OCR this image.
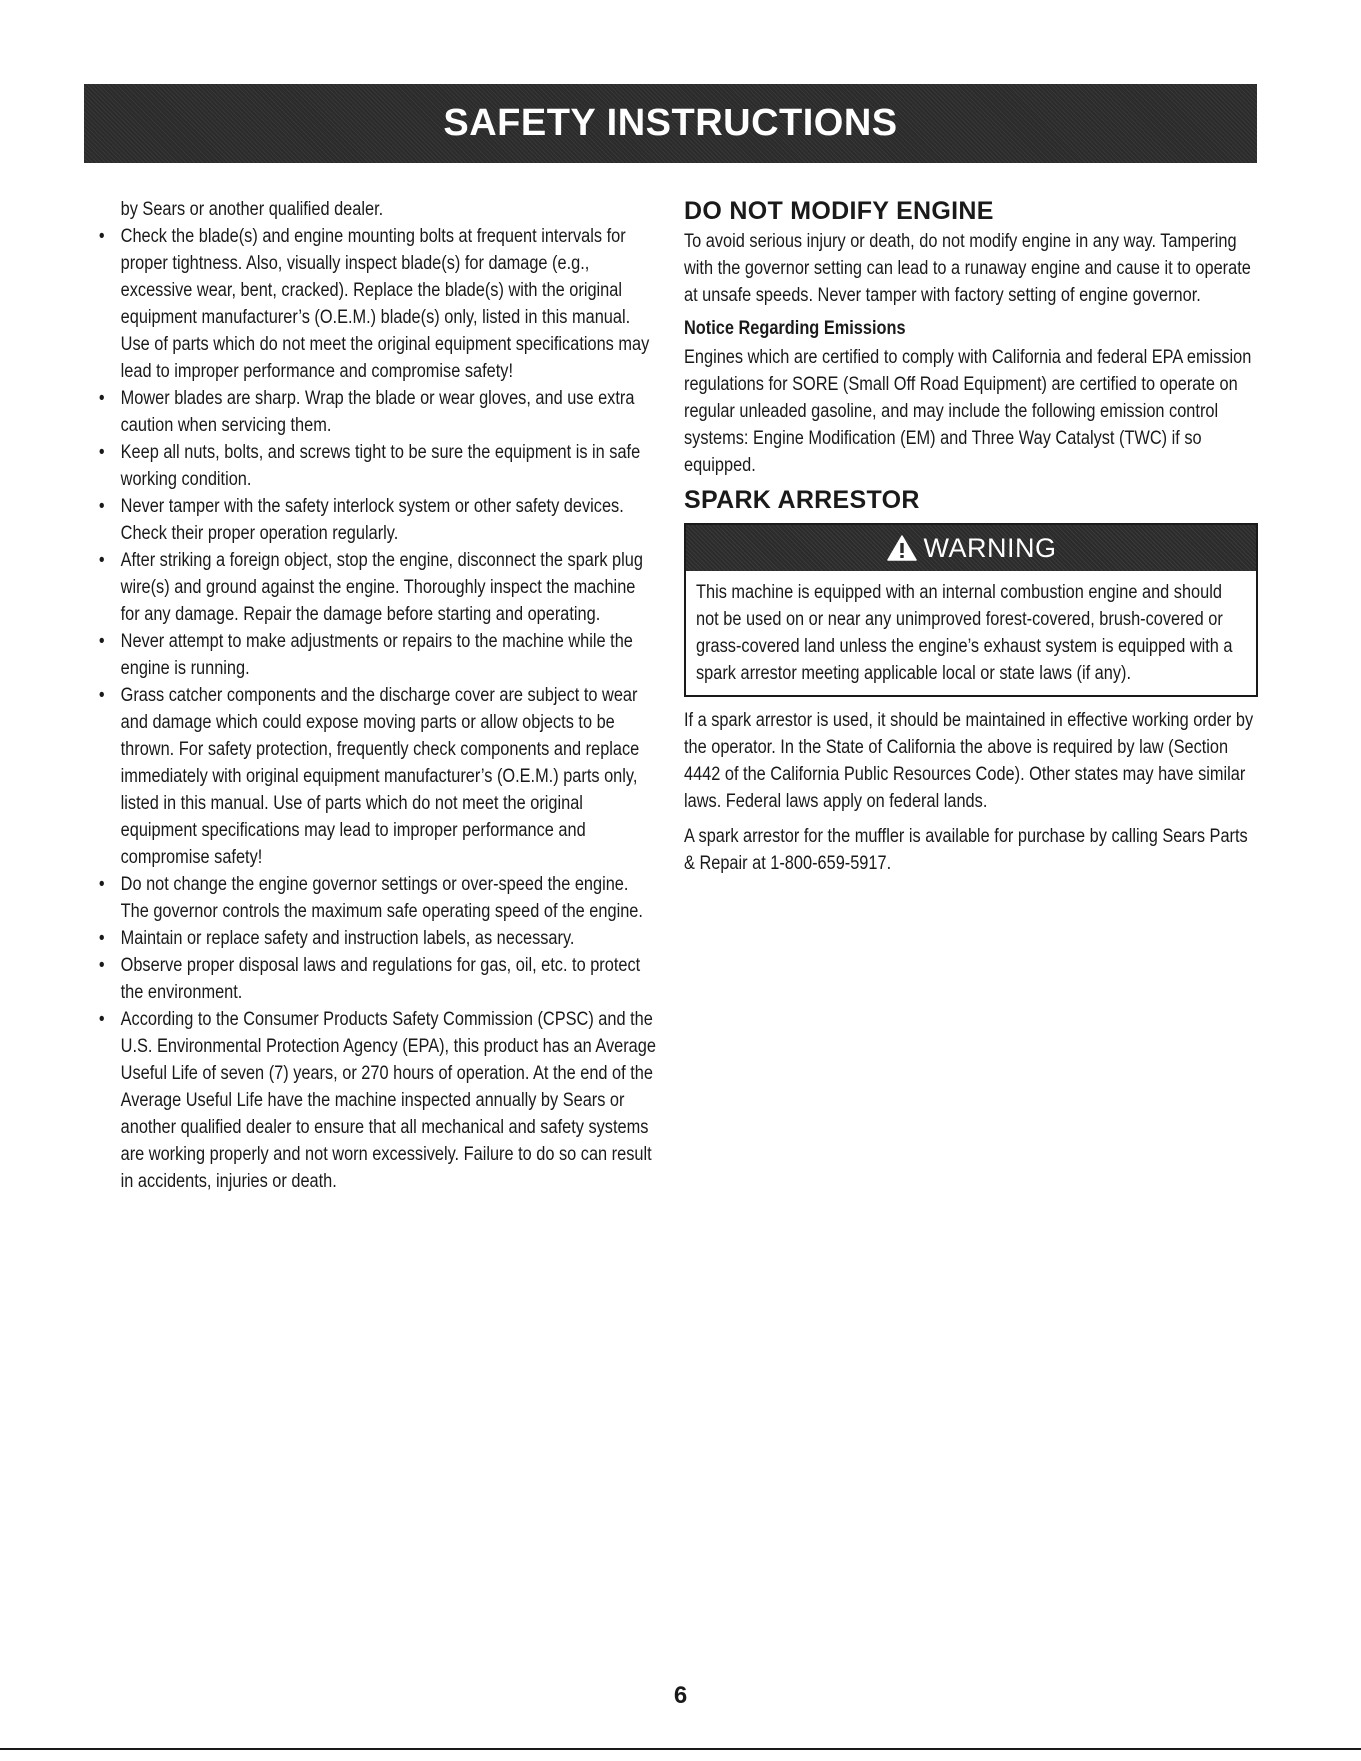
SAFETY INSTRUCTIONS

by Sears or another qualified dealer.

• Check the blade(s) and engine mounting bolts at frequent intervals for proper tightness. Also, visually inspect blade(s) for damage (e.g., excessive wear, bent, cracked). Replace the blade(s) with the original equipment manufacturer’s (O.E.M.) blade(s) only, listed in this manual. Use of parts which do not meet the original equipment specifications may lead to improper performance and compromise safety!
• Mower blades are sharp. Wrap the blade or wear gloves, and use extra caution when servicing them.
• Keep all nuts, bolts, and screws tight to be sure the equipment is in safe working condition.
• Never tamper with the safety interlock system or other safety devices. Check their proper operation regularly.
• After striking a foreign object, stop the engine, disconnect the spark plug wire(s) and ground against the engine. Thoroughly inspect the machine for any damage. Repair the damage before starting and operating.
• Never attempt to make adjustments or repairs to the machine while the engine is running.
• Grass catcher components and the discharge cover are subject to wear and damage which could expose moving parts or allow objects to be thrown. For safety protection, frequently check components and replace immediately with original equipment manufacturer’s (O.E.M.) parts only, listed in this manual. Use of parts which do not meet the original equipment specifications may lead to improper performance and compromise safety!
• Do not change the engine governor settings or over-speed the engine. The governor controls the maximum safe operating speed of the engine.
• Maintain or replace safety and instruction labels, as necessary.
• Observe proper disposal laws and regulations for gas, oil, etc. to protect the environment.
• According to the Consumer Products Safety Commission (CPSC) and the U.S. Environmental Protection Agency (EPA), this product has an Average Useful Life of seven (7) years, or 270 hours of operation. At the end of the Average Useful Life have the machine inspected annually by Sears or another qualified dealer to ensure that all mechanical and safety systems are working properly and not worn excessively. Failure to do so can result in accidents, injuries or death.
DO NOT MODIFY ENGINE

To avoid serious injury or death, do not modify engine in any way. Tampering with the governor setting can lead to a runaway engine and cause it to operate at unsafe speeds. Never tamper with factory setting of engine governor.

Notice Regarding Emissions

Engines which are certified to comply with California and federal EPA emission regulations for SORE (Small Off Road Equipment) are certified to operate on regular unleaded gasoline, and may include the following emission control systems: Engine Modification (EM) and Three Way Catalyst (TWC) if so equipped.

SPARK ARRESTOR
WARNING

This machine is equipped with an internal combustion engine and should not be used on or near any unimproved forest-covered, brush-covered or grass-covered land unless the engine’s exhaust system is equipped with a spark arrestor meeting applicable local or state laws (if any).

If a spark arrestor is used, it should be maintained in effective working order by the operator. In the State of California the above is required by law (Section 4442 of the California Public Resources Code). Other states may have similar laws. Federal laws apply on federal lands.

A spark arrestor for the muffler is available for purchase by calling Sears Parts & Repair at 1-800-659-5917.

6
